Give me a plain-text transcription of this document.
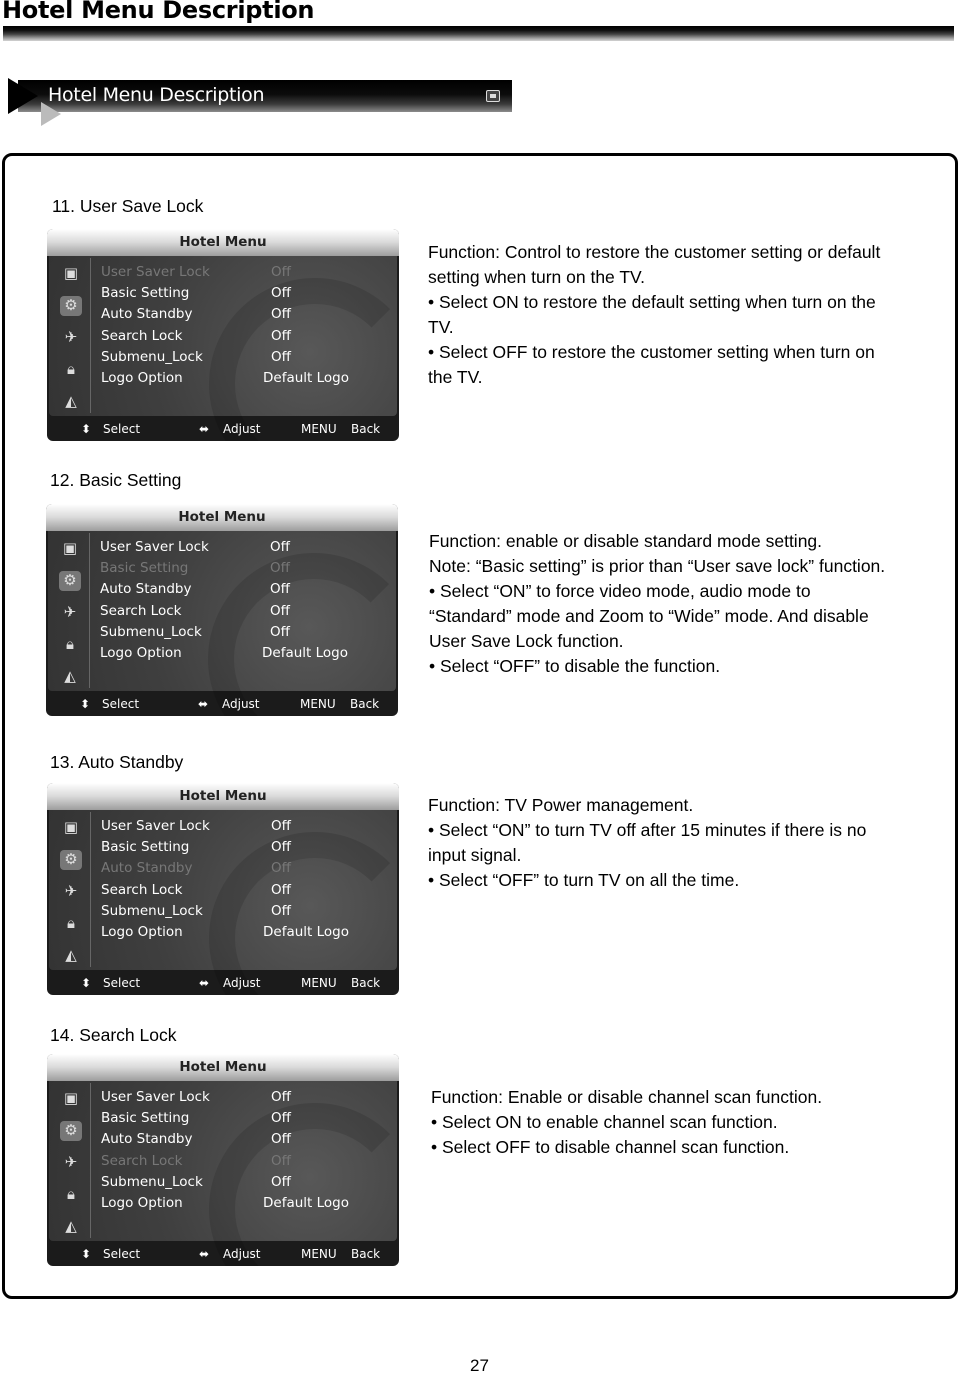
Hotel Menu Description
Hotel Menu Description
11. User Save Lock
Hotel Menu
▣
⚙
✈
🔒︎
◭
User Saver Lock	Off
Basic Setting	Off
Auto Standby	Off
Search Lock	Off
Submenu_Lock	Off
Logo Option	Default Logo
⬍ Select	⬌ Adjust	MENU Back
Function: Control to restore the customer setting or default
setting when turn on the TV.
• Select ON to restore the default setting when turn on the
TV.
• Select OFF to restore the customer setting when turn on
the TV.
12. Basic Setting
Hotel Menu
▣
⚙
✈
🔒︎
◭
User Saver Lock	Off
Basic Setting	Off
Auto Standby	Off
Search Lock	Off
Submenu_Lock	Off
Logo Option	Default Logo
⬍ Select	⬌ Adjust	MENU Back
Function: enable or disable standard mode setting.
Note: “Basic setting” is prior than “User save lock” function.
• Select “ON” to force video mode, audio mode to
“Standard” mode and Zoom to “Wide” mode. And disable
User Save Lock function.
• Select “OFF” to disable the function.
13. Auto Standby
Hotel Menu
▣
⚙
✈
🔒︎
◭
User Saver Lock	Off
Basic Setting	Off
Auto Standby	Off
Search Lock	Off
Submenu_Lock	Off
Logo Option	Default Logo
⬍ Select	⬌ Adjust	MENU Back
Function: TV Power management.
• Select “ON” to turn TV off after 15 minutes if there is no
input signal.
• Select “OFF” to turn TV on all the time.
14. Search Lock
Hotel Menu
▣
⚙
✈
🔒︎
◭
User Saver Lock	Off
Basic Setting	Off
Auto Standby	Off
Search Lock	Off
Submenu_Lock	Off
Logo Option	Default Logo
⬍ Select	⬌ Adjust	MENU Back
Function: Enable or disable channel scan function.
• Select ON to enable channel scan function.
• Select OFF to disable channel scan function.
27
